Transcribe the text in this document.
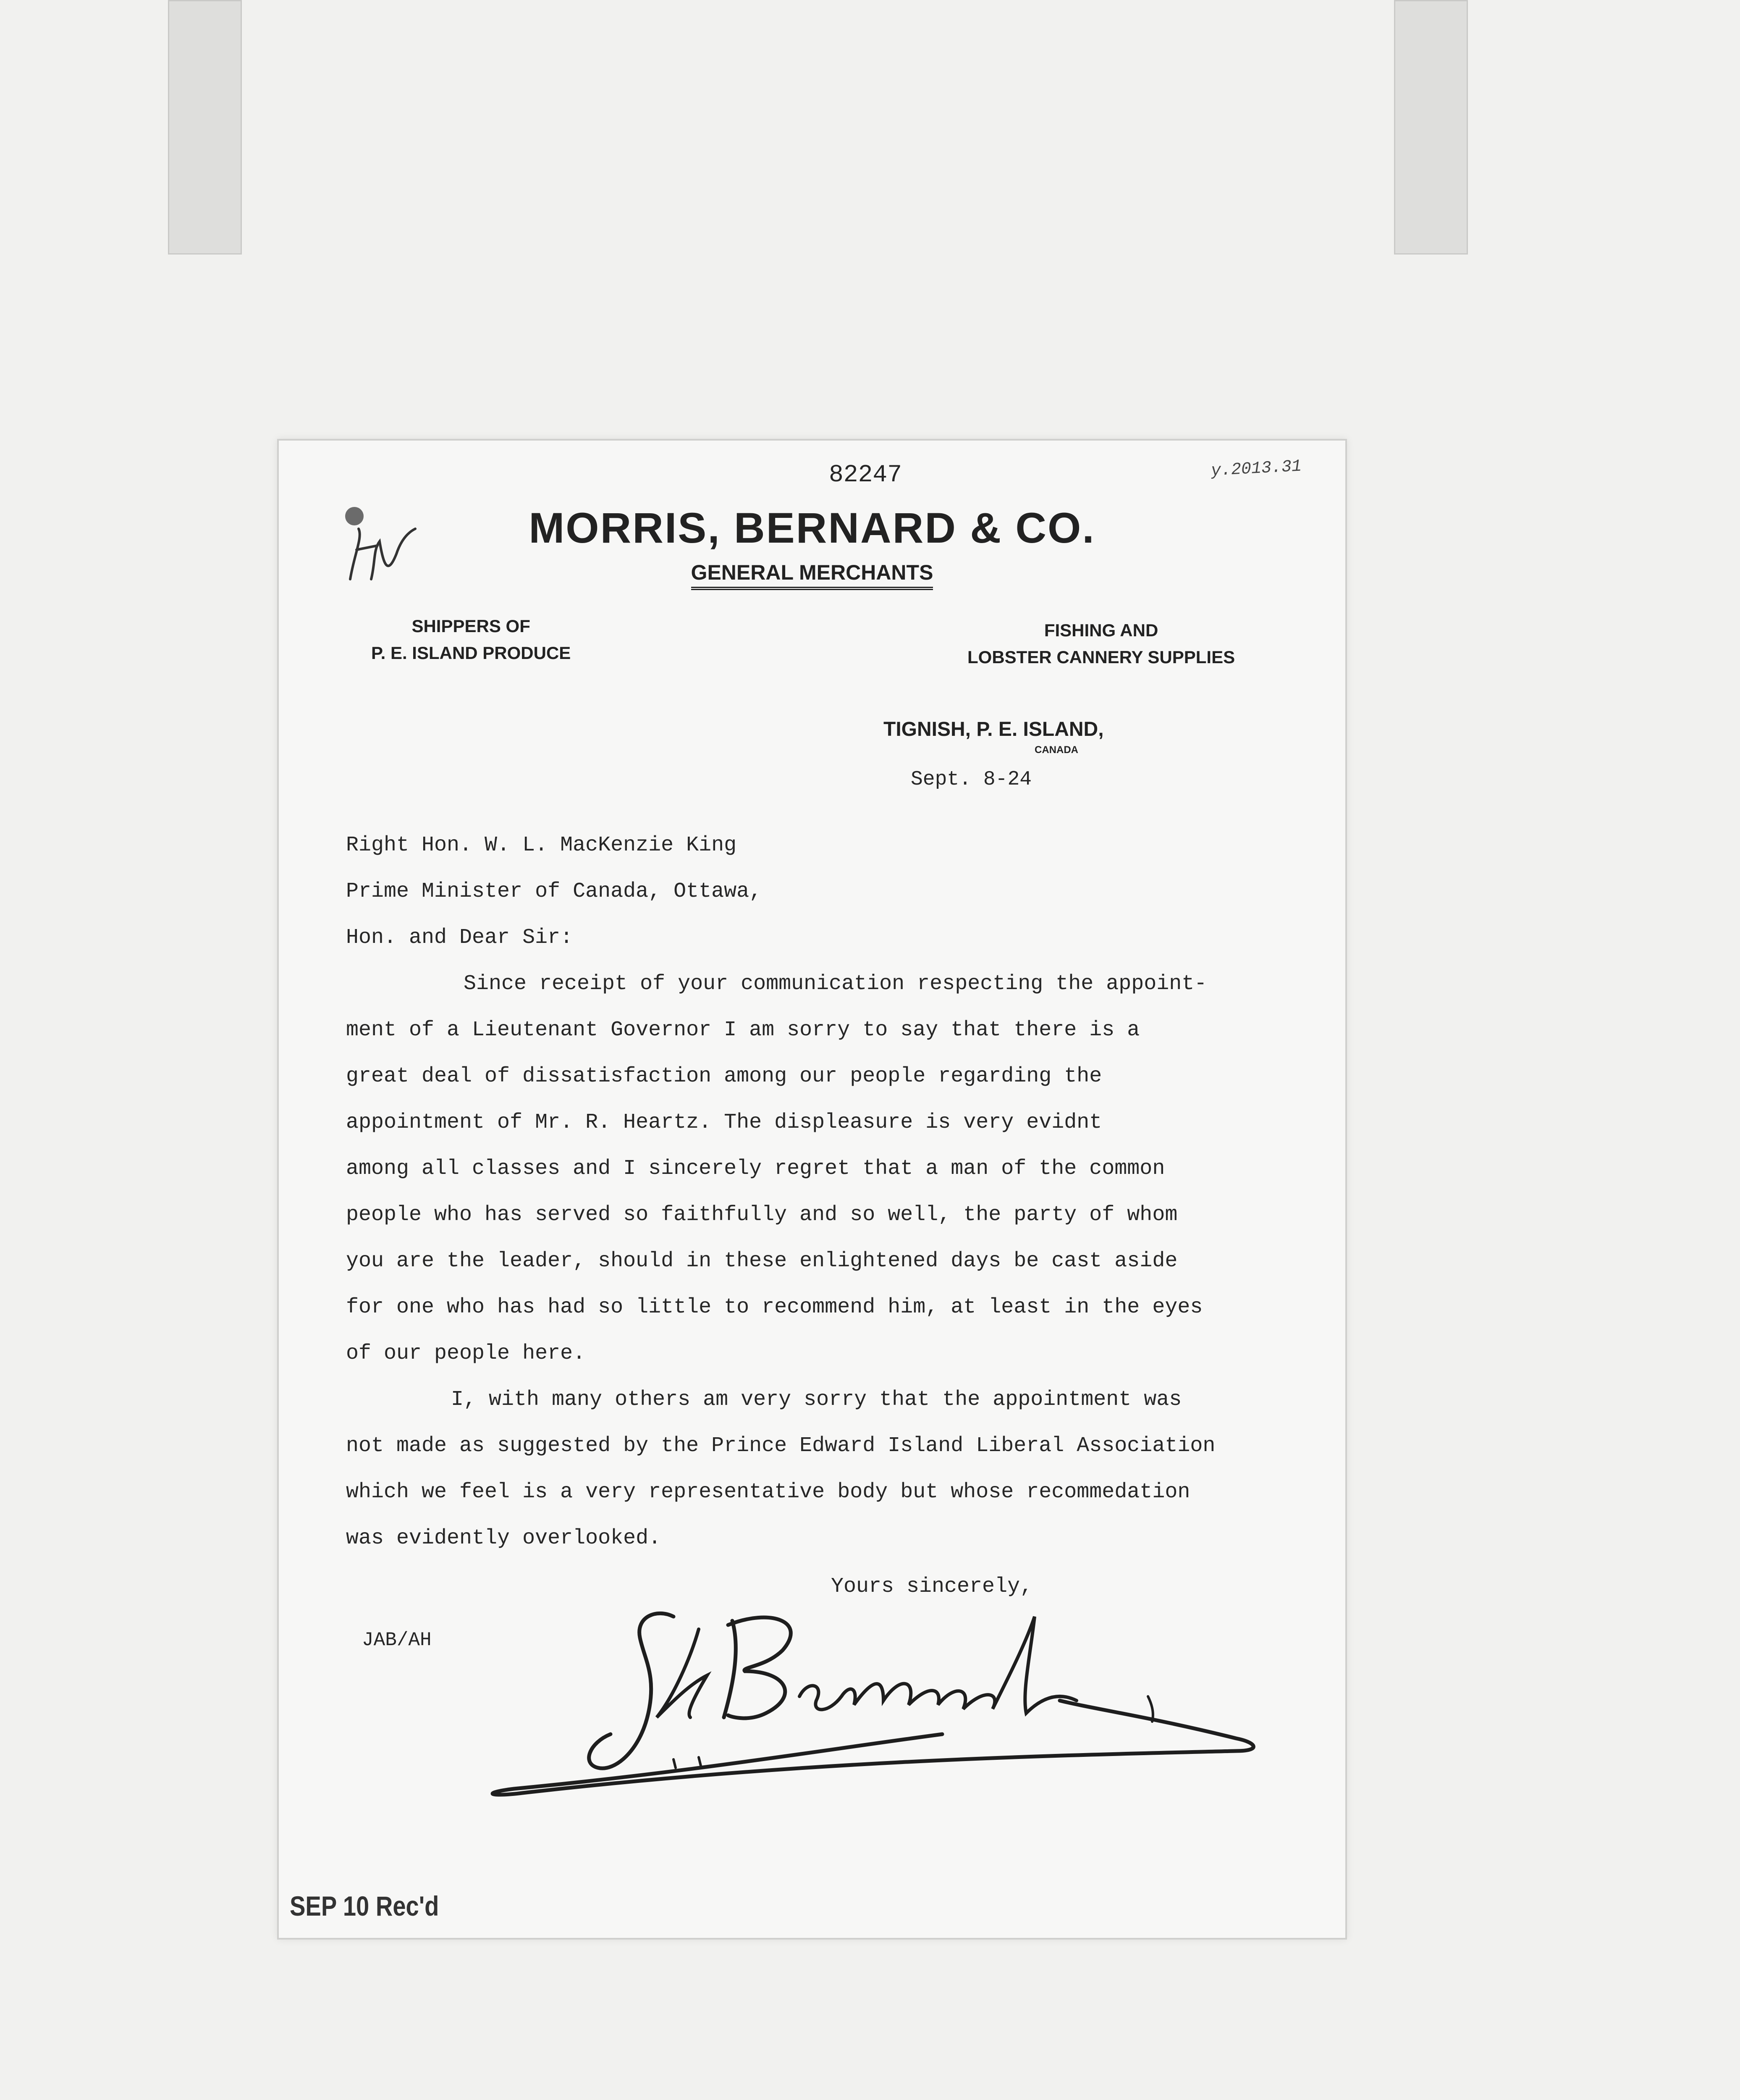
82247	y.2013.31
MORRIS, BERNARD & CO.
GENERAL MERCHANTS
SHIPPERS OF
P. E. ISLAND PRODUCE
FISHING AND
LOBSTER CANNERY SUPPLIES
TIGNISH, P. E. ISLAND,
CANADA
Sept. 8-24
Right Hon. W. L. MacKenzie King
Prime Minister of Canada, Ottawa,
Hon. and Dear Sir:
Since receipt of your communication respecting the appoint-
ment of a Lieutenant Governor I am sorry to say that there is a
great deal of dissatisfaction among our people regarding the
appointment of Mr. R. Heartz. The displeasure is very evidnt
among all classes and I sincerely regret that a man of the common
people who has served so faithfully and so well, the party of whom
you are the leader, should in these enlightened days be cast aside
for one who has had so little to recommend him, at least in the eyes
of our people here.
I, with many others am very sorry that the appointment was
not made as suggested by the Prince Edward Island Liberal Association
which we feel is a very representative body but whose recommedation
was evidently overlooked.
Yours sincerely,
JAB/AH
SEP 10 Rec'd
